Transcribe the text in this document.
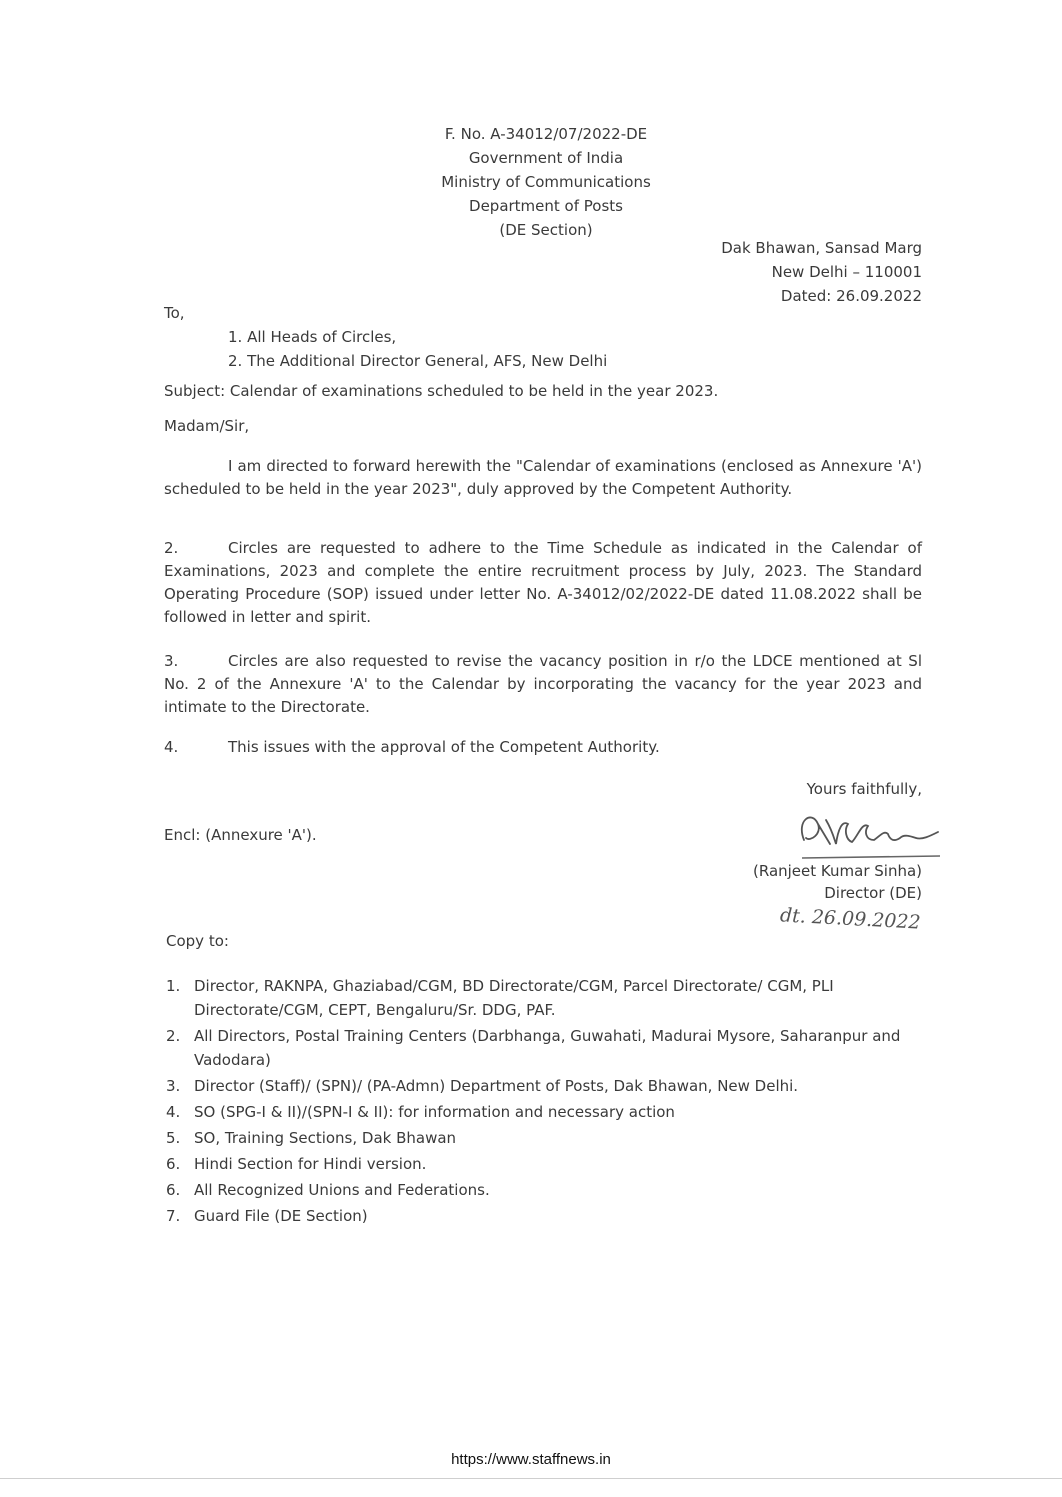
F. No. A-34012/07/2022-DE
Government of India
Ministry of Communications
Department of Posts
(DE Section)
Dak Bhawan, Sansad Marg
New Delhi – 110001
Dated: 26.09.2022
To,
1. All Heads of Circles,
2. The Additional Director General, AFS, New Delhi
Subject: Calendar of examinations scheduled to be held in the year 2023.
Madam/Sir,
I am directed to forward herewith the "Calendar of examinations (enclosed as Annexure 'A') scheduled to be held in the year 2023", duly approved by the Competent Authority.
2.	Circles are requested to adhere to the Time Schedule as indicated in the Calendar of Examinations, 2023 and complete the entire recruitment process by July, 2023. The Standard Operating Procedure (SOP) issued under letter No. A-34012/02/2022-DE dated 11.08.2022 shall be followed in letter and spirit.
3.	Circles are also requested to revise the vacancy position in r/o the LDCE mentioned at Sl No. 2 of the Annexure 'A' to the Calendar by incorporating the vacancy for the year 2023 and intimate to the Directorate.
4.	This issues with the approval of the Competent Authority.
Yours faithfully,
Encl: (Annexure 'A').
(Ranjeet Kumar Sinha)
Director (DE)
dt. 26.09.2022
Copy to:
1. Director, RAKNPA, Ghaziabad/CGM, BD Directorate/CGM, Parcel Directorate/ CGM, PLI Directorate/CGM, CEPT, Bengaluru/Sr. DDG, PAF.
2. All Directors, Postal Training Centers (Darbhanga, Guwahati, Madurai Mysore, Saharanpur and Vadodara)
3. Director (Staff)/ (SPN)/ (PA-Admn) Department of Posts, Dak Bhawan, New Delhi.
4. SO (SPG-I & II)/(SPN-I & II): for information and necessary action
5. SO, Training Sections, Dak Bhawan
6. Hindi Section for Hindi version.
6. All Recognized Unions and Federations.
7. Guard File (DE Section)
https://www.staffnews.in
